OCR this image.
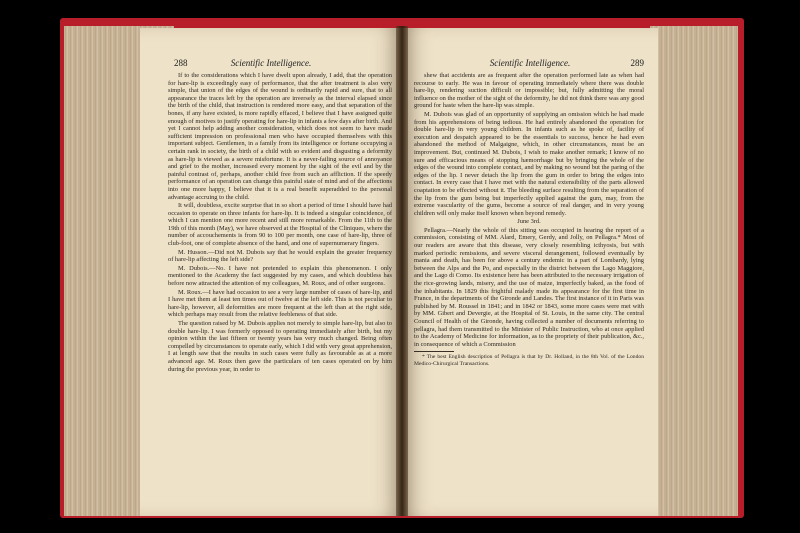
288	Scientific Intelligence.

If to the considerations which I have dwelt upon already, I add, that the operation for hare-lip is exceedingly easy of performance, that the after treatment is also very simple, that union of the edges of the wound is ordinarily rapid and sure, that to all appearance the traces left by the operation are inversely as the interval elapsed since the birth of the child, that instruction is rendered more easy, and that separation of the bones, if any have existed, is more rapidly effaced, I believe that I have assigned quite enough of motives to justify operating for hare-lip in infants a few days after birth. And yet I cannot help adding another consideration, which does not seem to have made sufficient impression on professional men who have occupied themselves with this important subject. Gentlemen, in a family from its intelligence or fortune occupying a certain rank in society, the birth of a child with so evident and disgusting a deformity as hare-lip is viewed as a severe misfortune. It is a never-failing source of annoyance and grief to the mother, increased every moment by the sight of the evil and by the painful contrast of, perhaps, another child free from such an affliction. If the speedy performance of an operation can change this painful state of mind and of the affections into one more happy, I believe that it is a real benefit superadded to the personal advantage accruing to the child.

It will, doubtless, excite surprise that in so short a period of time I should have had occasion to operate on three infants for hare-lip. It is indeed a singular coincidence, of which I can mention one more recent and still more remarkable. From the 11th to the 19th of this month (May), we have observed at the Hospital of the Cliniques, where the number of accouchements is from 90 to 100 per month, one case of hare-lip, three of club-foot, one of complete absence of the hand, and one of supernumerary fingers.

M. Husson.—Did not M. Dubois say that he would explain the greater frequency of hare-lip affecting the left side?

M. Dubois.—No. I have not pretended to explain this phenomenon. I only mentioned to the Academy the fact suggested by my cases, and which doubtless has before now attracted the attention of my colleagues, M. Roux, and of other surgeons.

M. Roux.—I have had occasion to see a very large number of cases of hare-lip, and I have met them at least ten times out of twelve at the left side. This is not peculiar to hare-lip, however, all deformities are more frequent at the left than at the right side, which perhaps may result from the relative feebleness of that side.

The question raised by M. Dubois applies not merely to simple hare-lip, but also to double hare-lip. I was formerly opposed to operating immediately after birth, but my opinion within the last fifteen or twenty years has very much changed. Being often compelled by circumstances to operate early, which I did with very great apprehension, I at length saw that the results in such cases were fully as favourable as at a more advanced age. M. Roux then gave the particulars of ten cases operated on by him during the previous year, in order to

Scientific Intelligence.	289

shew that accidents are as frequent after the operation performed late as when had recourse to early. He was in favour of operating immediately where there was double hare-lip, rendering suction difficult or impossible; but, fully admitting the moral influence on the mother of the sight of the deformity, he did not think there was any good ground for haste when the hare-lip was simple.

M. Dubois was glad of an opportunity of supplying an omission which he had made from his apprehensions of being tedious. He had entirely abandoned the operation for double hare-lip in very young children. In infants such as he spoke of, facility of execution and despatch appeared to be the essentials to success, hence he had even abandoned the method of Malgaigne, which, in other circumstances, must be an improvement. But, continued M. Dubois, I wish to make another remark; I know of no sure and efficacious means of stopping hæmorrhage but by bringing the whole of the edges of the wound into complete contact, and by making no wound but the paring of the edges of the lip. I never detach the lip from the gum in order to bring the edges into contact. In every case that I have met with the natural extensibility of the parts allowed coaptation to be effected without it. The bleeding surface resulting from the separation of the lip from the gum being but imperfectly applied against the gum, may, from the extreme vascularity of the gums, become a source of real danger, and in very young children will only make itself known when beyond remedy.

June 3rd.

Pellagra.—Nearly the whole of this sitting was occupied in hearing the report of a commission, consisting of MM. Alard, Emery, Gerdy, and Jolly, on Pellagra.* Most of our readers are aware that this disease, very closely resembling icthyosis, but with marked periodic remissions, and severe visceral derangement, followed eventually by mania and death, has been for above a century endemic in a part of Lombardy, lying between the Alps and the Po, and especially in the district between the Lago Maggiore, and the Lago di Como. Its existence here has been attributed to the necessary irrigation of the rice-growing lands, misery, and the use of maize, imperfectly baked, as the food of the inhabitants. In 1829 this frightful malady made its appearance for the first time in France, in the departments of the Gironde and Landes. The first instance of it in Paris was published by M. Roussel in 1841; and in 1842 or 1843, some more cases were met with by MM. Gibert and Devergie, at the Hospital of St. Louis, in the same city. The central Council of Health of the Gironde, having collected a number of documents referring to pellagra, had them transmitted to the Minister of Public Instruction, who at once applied to the Academy of Medicine for information, as to the propriety of their publication, &c., in consequence of which a Commission

* The best English description of Pellagra is that by Dr. Holland, in the 8th Vol. of the London Medico-Chirurgical Transactions.
